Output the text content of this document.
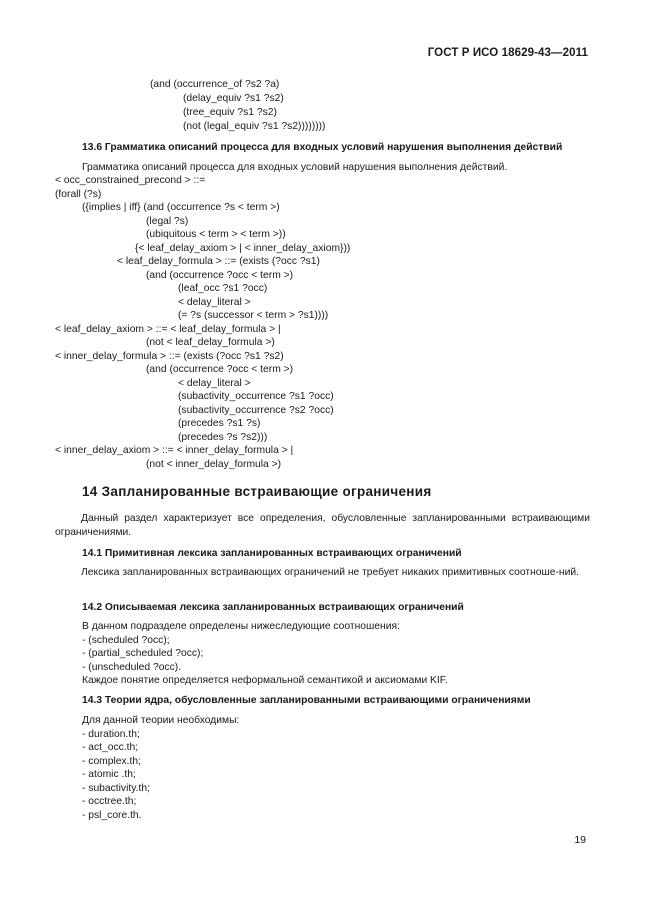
ГОСТ Р ИСО 18629-43—2011
(and (occurrence_of ?s2 ?a)
(delay_equiv ?s1 ?s2)
(tree_equiv ?s1 ?s2)
(not (legal_equiv ?s1 ?s2))))))))
13.6 Грамматика описаний процесса для входных условий нарушения выполнения действий
Грамматика описаний процесса для входных условий нарушения выполнения действий.
< occ_constrained_precond > ::=
(forall (?s)
({implies | iff} (and (occurrence ?s < term >)
(legal ?s)
(ubiquitous < term > < term >))
{< leaf_delay_axiom > | < inner_delay_axiom}))
< leaf_delay_formula > ::= (exists (?occ ?s1)
(and (occurrence ?occ < term >)
(leaf_occ ?s1 ?occ)
< delay_literal >
(= ?s (successor < term > ?s1))))
< leaf_delay_axiom > ::= < leaf_delay_formula > |
(not < leaf_delay_formula >)
< inner_delay_formula > ::= (exists (?occ ?s1 ?s2)
(and (occurrence ?occ < term >)
< delay_literal >
(subactivity_occurrence ?s1 ?occ)
(subactivity_occurrence ?s2 ?occ)
(precedes ?s1 ?s)
(precedes ?s ?s2)))
< inner_delay_axiom > ::= < inner_delay_formula > |
(not < inner_delay_formula >)
14 Запланированные встраивающие ограничения
Данный раздел характеризует все определения, обусловленные запланированными встраивающими ограничениями.
14.1 Примитивная лексика запланированных встраивающих ограничений
Лексика запланированных встраивающих ограничений не требует никаких примитивных соотноше-ний.
14.2 Описываемая лексика запланированных встраивающих ограничений
В данном подразделе определены нижеследующие соотношения:
- (scheduled ?occ);
- (partial_scheduled ?occ);
- (unscheduled ?occ).
Каждое понятие определяется неформальной семантикой и аксиомами KIF.
14.3 Теории ядра, обусловленные запланированными встраивающими ограничениями
Для данной теории необходимы:
- duration.th;
- act_occ.th;
- complex.th;
- atomic .th;
- subactivity.th;
- occtree.th;
- psl_core.th.
19
